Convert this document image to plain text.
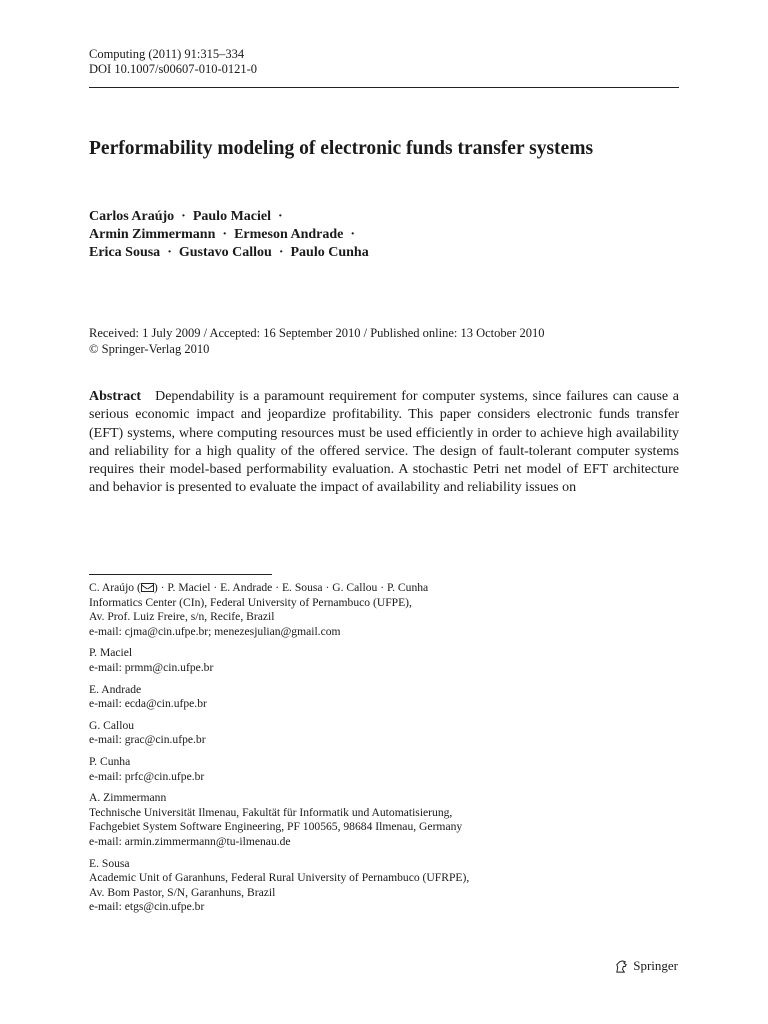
Computing (2011) 91:315–334
DOI 10.1007/s00607-010-0121-0
Performability modeling of electronic funds transfer systems
Carlos Araújo · Paulo Maciel ·
Armin Zimmermann · Ermeson Andrade ·
Erica Sousa · Gustavo Callou · Paulo Cunha
Received: 1 July 2009 / Accepted: 16 September 2010 / Published online: 13 October 2010
© Springer-Verlag 2010

Abstract Dependability is a paramount requirement for computer systems, since failures can cause a serious economic impact and jeopardize profitability. This paper considers electronic funds transfer (EFT) systems, where computing resources must be used efficiently in order to achieve high availability and reliability for a high quality of the offered service. The design of fault-tolerant computer systems requires their model-based performability evaluation. A stochastic Petri net model of EFT architecture and behavior is presented to evaluate the impact of availability and reliability issues on

C. Araújo ( ) · P. Maciel · E. Andrade · E. Sousa · G. Callou · P. Cunha
Informatics Center (CIn), Federal University of Pernambuco (UFPE),
Av. Prof. Luiz Freire, s/n, Recife, Brazil
e-mail: cjma@cin.ufpe.br; menezesjulian@gmail.com
P. Maciel
e-mail: prmm@cin.ufpe.br
E. Andrade
e-mail: ecda@cin.ufpe.br
G. Callou
e-mail: grac@cin.ufpe.br
P. Cunha
e-mail: prfc@cin.ufpe.br
A. Zimmermann
Technische Universität Ilmenau, Fakultät für Informatik und Automatisierung,
Fachgebiet System Software Engineering, PF 100565, 98684 Ilmenau, Germany
e-mail: armin.zimmermann@tu-ilmenau.de
E. Sousa
Academic Unit of Garanhuns, Federal Rural University of Pernambuco (UFRPE),
Av. Bom Pastor, S/N, Garanhuns, Brazil
e-mail: etgs@cin.ufpe.br
Springer
